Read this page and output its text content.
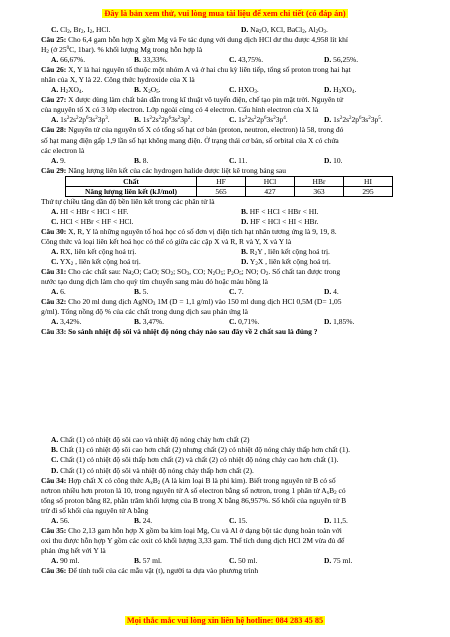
Đây là bản xem thử, vui lòng mua tài liệu để xem chi tiết (có đáp án)
C. $Cl_2$, $Br_2$, $I_2$, HCl.	D. $Na_2O$, KCl, BaCl$_2$, $Al_2O_3$.
Câu 25: Cho 6,4 gam hỗn hợp X gồm Mg và Fe tác dụng với dung dịch HCl dư thu được 4,958 lít khí
$H_2$ (ở $25^0C$, 1bar). % khối lượng Mg trong hỗn hợp là
A. 66,67%.	B. 33,33%.	C. 43,75%.	D. 56,25%.
Câu 26: X, Y là hai nguyên tố thuộc một nhóm A và ở hai chu kỳ liên tiếp, tổng số proton trong hai hạt
nhân của X, Y là 22. Công thức hydroxide của X là
A. $H_2XO_4$.	B. $X_2O_5$.	C. $HXO_3$.	D. $H_3XO_4$.
Câu 27: X được dùng làm chất bán dẫn trong kĩ thuật vô tuyến điện, chế tạo pin mặt trời. Nguyên tử
của nguyên tố X có 3 lớp electron. Lớp ngoài cùng có 4 electron. Cấu hình electron của X là
A. $1s^22s^22p^63s^23p^3$.	B. $1s^22s^22p^63s^23p^2$.	C. $1s^22s^22p^63s^23p^4$.	D. $1s^22s^22p^63s^23p^5$.
Câu 28: Nguyên tử của nguyên tố X có tổng số hạt cơ bản (proton, neutron, electron) là 58, trong đó
số hạt mang điện gấp 1,9 lần số hạt không mang điện. Ở trạng thái cơ bản, số orbital của X có chứa
các electron là
A. 9.	B. 8.	C. 11.	D. 10.
Câu 29: Năng lượng liên kết của các hydrogen halide được liệt kê trong bảng sau
Chất	HF	HCl	HBr	HI
Năng lượng liên kết (kJ/mol)	565	427	363	295
Thứ tự chiều tăng dần độ bền liên kết trong các phân tử là
A. HI < HBr < HCl < HF.	B. HF < HCl < HBr < HI.
C. HCl < HBr < HF < HCl.	D. HF < HCl < HI < HBr.
Câu 30: X, R, Y là những nguyên tố hoá học có số đơn vị điện tích hạt nhân tương ứng là 9, 19, 8.
Công thức và loại liên kết hoá học có thể có giữa các cặp X và R, R và Y, X và Y là
A. RX, liên kết cộng hoá trị.	B. $R_2Y$ , liên kết cộng hoá trị.
C. $YX_2$ , liên kết cộng hoá trị.	D. $Y_2X$ , liên kết cộng hoá trị.
Câu 31: Cho các chất sau: $Na_2O$; CaO; $SO_2$; $SO_3$, CO; $N_2O_5$; $P_2O_5$; NO; $O_2$. Số chất tan được trong
nước tạo dung dịch làm cho quỳ tím chuyển sang màu đỏ hoặc màu hồng là
A. 6.	B. 5.	C. 7.	D. 4.
Câu 32: Cho 20 ml dung dịch AgNO$_3$ 1M (D = 1,1 g/ml) vào 150 ml dung dịch HCl 0,5M (D= 1,05
g/ml). Tổng nồng độ % của các chất trong dung dịch sau phản ứng là
A. 3,42%.	B. 3,47%.	C. 0,71%.	D. 1,85%.
Câu 33: So sánh nhiệt độ sôi và nhiệt độ nóng chảy nào sau đây về 2 chất sau là đúng ?
A. Chất (1) có nhiệt độ sôi cao và nhiệt độ nóng chảy hơn chất (2)
B. Chất (1) có nhiệt độ sôi cao hơn chất (2) nhưng chất (2) có nhiệt độ nóng chảy thấp hơn chất (1).
C. Chất (1) có nhiệt độ sôi thấp hơn chất (2) và chất (2) có nhiệt độ nóng chảy cao hơn chất (1).
D. Chất (1) có nhiệt độ sôi và nhiệt độ nóng chảy thấp hơn chất (2).
Câu 34: Hợp chất X có công thức $A_xB_2$ (A là kim loại B là phi kim). Biết trong nguyên tử B có số
nơtron nhiều hơn proton là 10, trong nguyên tử A số electron bằng số nơtron, trong 1 phân tử $A_xB_2$ có
tổng số proton bằng 82, phần trăm khối lượng của B trong X bằng 86,957%. Số khối của nguyên tử B
trừ đi số khối của nguyên tử A bằng
A. 56.	B. 24.	C. 15.	D. 11,5.
Câu 35: Cho 2,13 gam hỗn hợp X gồm ba kim loại Mg, Cu và Al ở dạng bột tác dụng hoàn toàn với
oxi thu được hỗn hợp Y gồm các oxit có khối lượng 3,33 gam. Thể tích dung dịch HCl 2M vừa đủ để
phản ứng hết với Y là
A. 90 ml.	B. 57 ml.	C. 50 ml.	D. 75 ml.
Câu 36: Để tính tuổi của các mẫu vật (t), người ta dựa vào phương trình
Mọi thắc mắc vui lòng xin liên hệ hotline: 084 283 45 85
